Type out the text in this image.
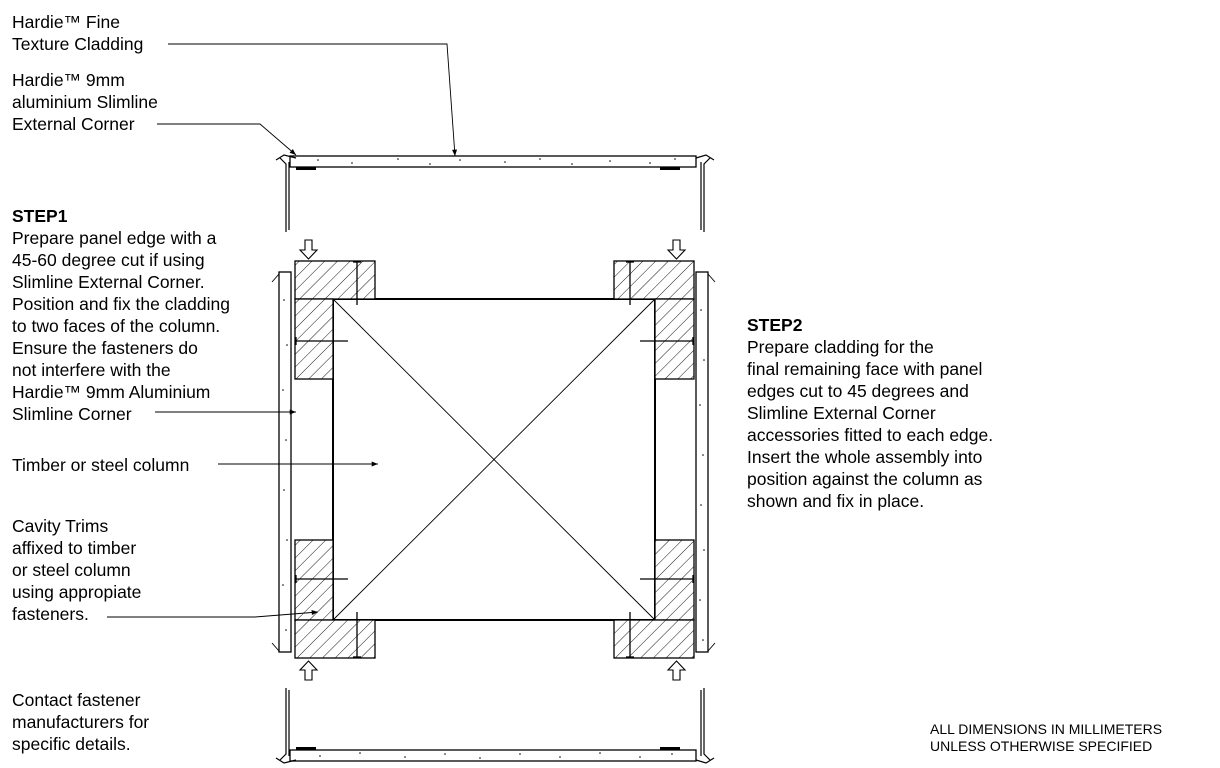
Hardie™ Fine
Texture Cladding
Hardie™ 9mm
aluminium Slimline
External Corner
STEP1
Prepare panel edge with a
45-60 degree cut if using
Slimline External Corner.
Position and fix the cladding
to two faces of the column.
Ensure the fasteners do
not interfere with the
Hardie™ 9mm Aluminium
Slimline Corner
Timber or steel column
Cavity Trims
affixed to timber
or steel column
using appropiate
fasteners.
Contact fastener
manufacturers for
specific details.
STEP2
Prepare cladding for the
final remaining face with panel
edges cut to 45 degrees and
Slimline External Corner
accessories fitted to each edge.
Insert the whole assembly into
position against the column as
shown and fix in place.
ALL DIMENSIONS IN MILLIMETERS
UNLESS OTHERWISE SPECIFIED
